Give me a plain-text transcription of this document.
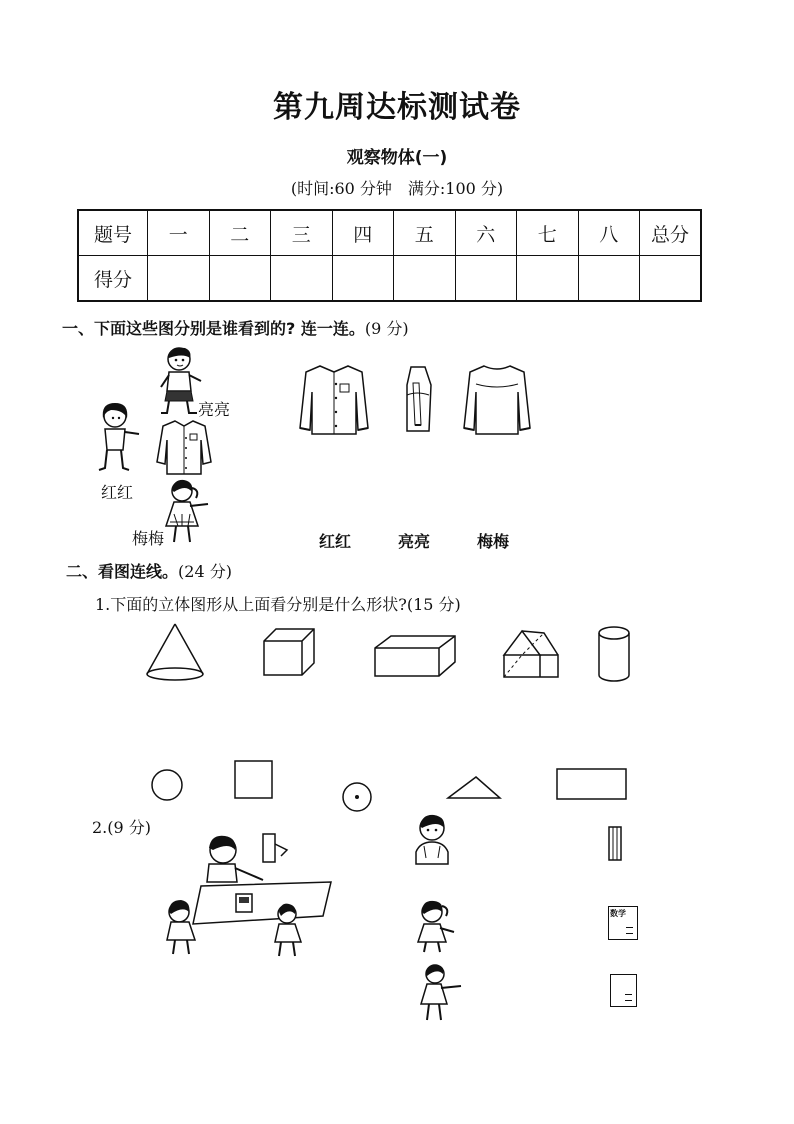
第九周达标测试卷
观察物体(一)
(时间:60 分钟　满分:100 分)
题号	一	二	三	四	五	六	七	八	总分
得分									
一、下面这些图分别是谁看到的? 连一连。(9 分)
亮亮
红红
梅梅	红红	亮亮	梅梅
二、看图连线。(24 分)
1.下面的立体图形从上面看分别是什么形状?(15 分)
2.(9 分)
数学
